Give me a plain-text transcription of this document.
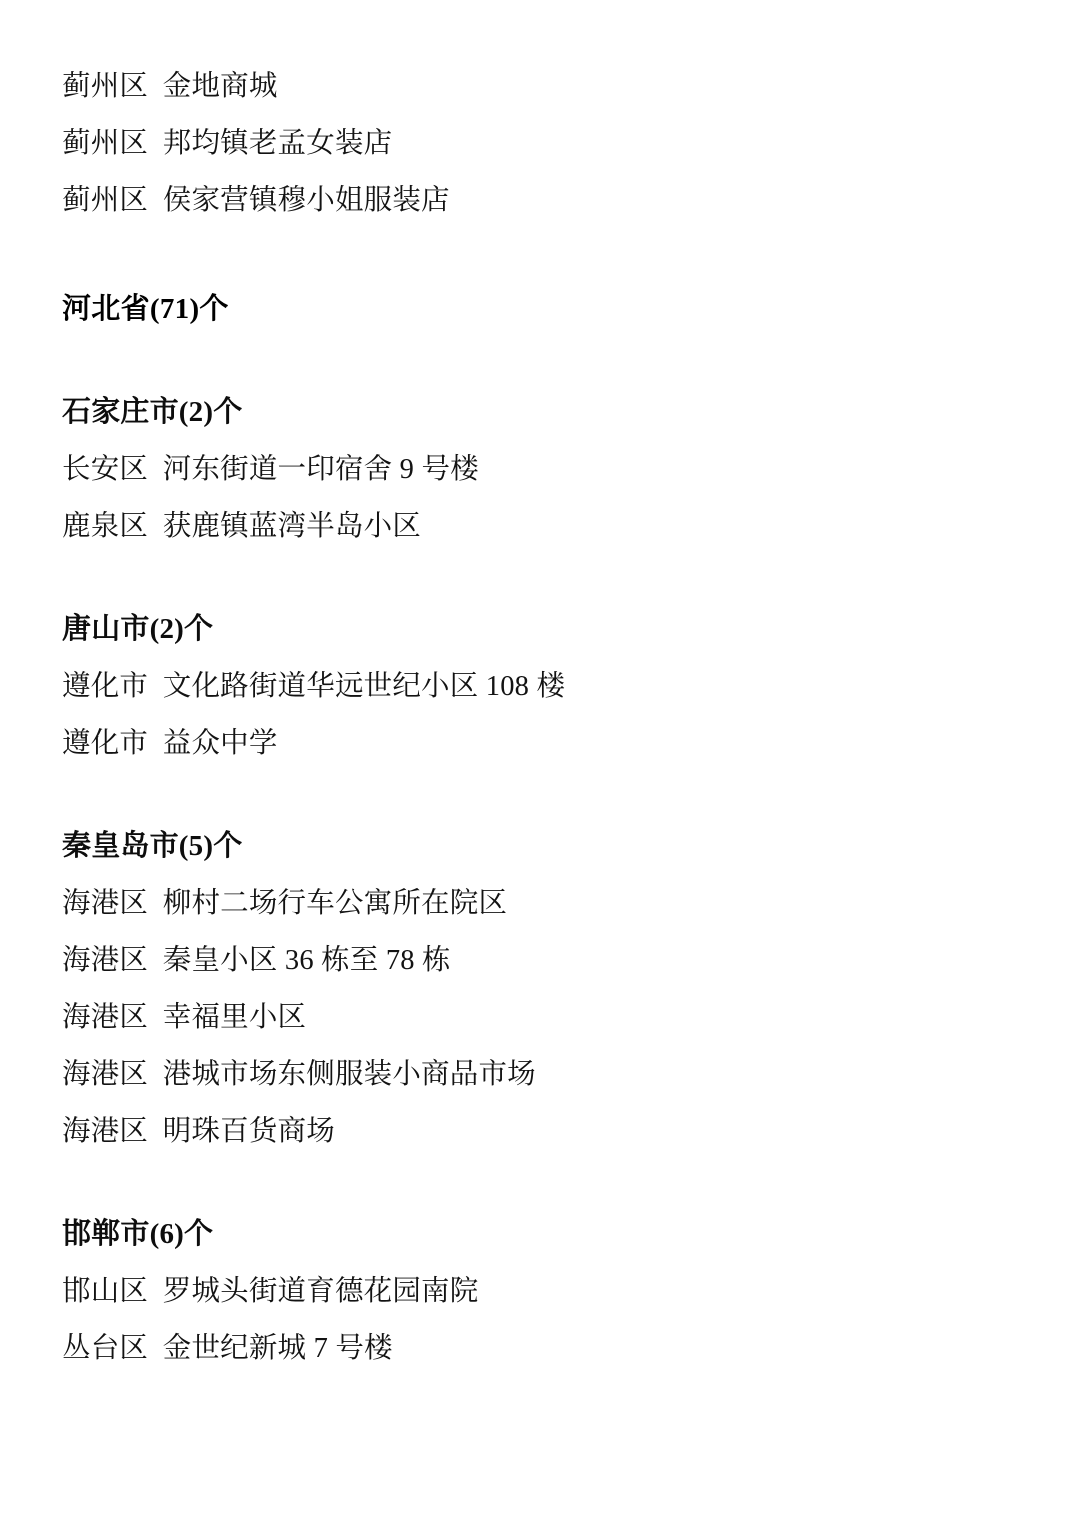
蓟州区  金地商城
蓟州区  邦均镇老孟女装店
蓟州区  侯家营镇穆小姐服装店
河北省(71)个
石家庄市(2)个
长安区  河东街道一印宿舍 9 号楼
鹿泉区  获鹿镇蓝湾半岛小区
唐山市(2)个
遵化市  文化路街道华远世纪小区 108 楼
遵化市  益众中学
秦皇岛市(5)个
海港区  柳村二场行车公寓所在院区
海港区  秦皇小区 36 栋至 78 栋
海港区  幸福里小区
海港区  港城市场东侧服装小商品市场
海港区  明珠百货商场
邯郸市(6)个
邯山区  罗城头街道育德花园南院
丛台区  金世纪新城 7 号楼
